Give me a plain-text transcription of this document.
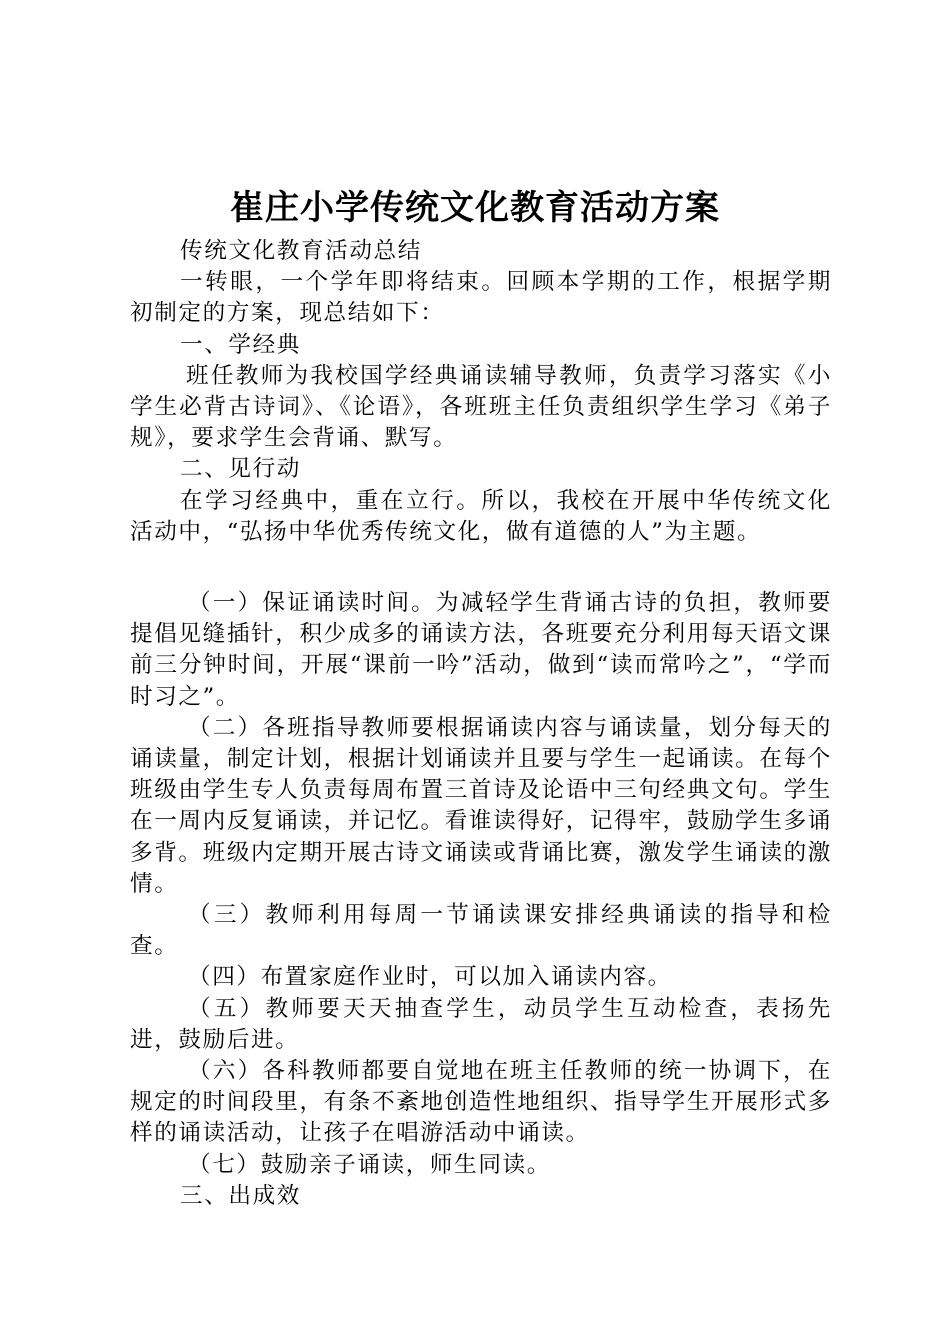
崔庄小学传统文化教育活动方案

传统文化教育活动总结

一转眼，一个学年即将结束。回顾本学期的工作，根据学期初制定的方案，现总结如下：

一、学经典

班任教师为我校国学经典诵读辅导教师，负责学习落实《小学生必背古诗词》、《论语》，各班班主任负责组织学生学习《弟子规》，要求学生会背诵、默写。

二、见行动

在学习经典中，重在立行。所以，我校在开展中华传统文化活动中，“弘扬中华优秀传统文化，做有道德的人”为主题。

（一）保证诵读时间。为减轻学生背诵古诗的负担，教师要提倡见缝插针，积少成多的诵读方法，各班要充分利用每天语文课前三分钟时间，开展“课前一吟”活动，做到“读而常吟之”，“学而时习之”。

（二）各班指导教师要根据诵读内容与诵读量，划分每天的诵读量，制定计划，根据计划诵读并且要与学生一起诵读。在每个班级由学生专人负责每周布置三首诗及论语中三句经典文句。学生在一周内反复诵读，并记忆。看谁读得好，记得牢，鼓励学生多诵多背。班级内定期开展古诗文诵读或背诵比赛，激发学生诵读的激情。

（三）教师利用每周一节诵读课安排经典诵读的指导和检查。

（四）布置家庭作业时，可以加入诵读内容。

（五）教师要天天抽查学生，动员学生互动检查，表扬先进，鼓励后进。

（六）各科教师都要自觉地在班主任教师的统一协调下，在规定的时间段里，有条不紊地创造性地组织、指导学生开展形式多样的诵读活动，让孩子在唱游活动中诵读。

（七）鼓励亲子诵读，师生同读。

三、出成效
